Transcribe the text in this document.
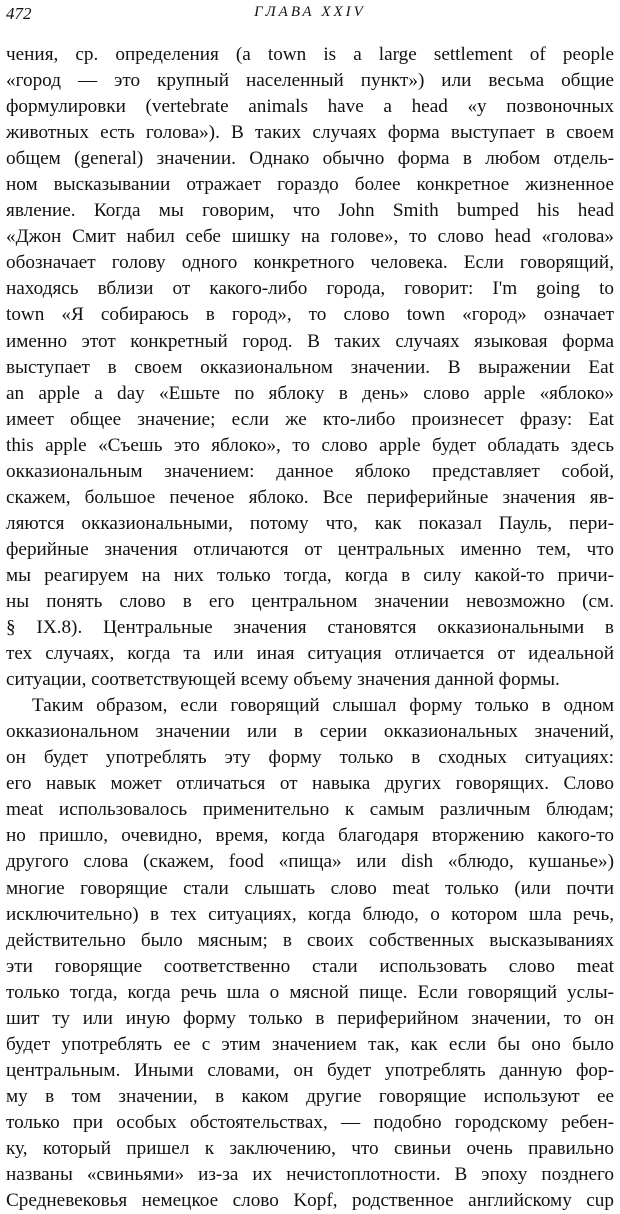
472	ГЛАВА XXIV
чения, ср. определения (a town is a large settlement of people
«город — это крупный населенный пункт») или весьма общие
формулировки (vertebrate animals have a head «у позвоночных
животных есть голова»). В таких случаях форма выступает в своем
общем (general) значении. Однако обычно форма в любом отдель-
ном высказывании отражает гораздо более конкретное жизненное
явление. Когда мы говорим, что John Smith bumped his head
«Джон Смит набил себе шишку на голове», то слово head «голова»
обозначает голову одного конкретного человека. Если говорящий,
находясь вблизи от какого-либо города, говорит: I'm going to
town «Я собираюсь в город», то слово town «город» означает
именно этот конкретный город. В таких случаях языковая форма
выступает в своем окказиональном значении. В выражении Eat
an apple a day «Ешьте по яблоку в день» слово apple «яблоко»
имеет общее значение; если же кто-либо произнесет фразу: Eat
this apple «Съешь это яблоко», то слово apple будет обладать здесь
окказиональным значением: данное яблоко представляет собой,
скажем, большое печеное яблоко. Все периферийные значения яв-
ляются окказиональными, потому что, как показал Пауль, пери-
ферийные значения отличаются от центральных именно тем, что
мы реагируем на них только тогда, когда в силу какой-то причи-
ны понять слово в его центральном значении невозможно (см.
§ IX.8). Центральные значения становятся окказиональными в
тех случаях, когда та или иная ситуация отличается от идеальной
ситуации, соответствующей всему объему значения данной формы.
Таким образом, если говорящий слышал форму только в одном
окказиональном значении или в серии окказиональных значений,
он будет употреблять эту форму только в сходных ситуациях:
его навык может отличаться от навыка других говорящих. Слово
meat использовалось применительно к самым различным блюдам;
но пришло, очевидно, время, когда благодаря вторжению какого-то
другого слова (скажем, food «пища» или dish «блюдо, кушанье»)
многие говорящие стали слышать слово meat только (или почти
исключительно) в тех ситуациях, когда блюдо, о котором шла речь,
действительно было мясным; в своих собственных высказываниях
эти говорящие соответственно стали использовать слово meat
только тогда, когда речь шла о мясной пище. Если говорящий услы-
шит ту или иную форму только в периферийном значении, то он
будет употреблять ее с этим значением так, как если бы оно было
центральным. Иными словами, он будет употреблять данную фор-
му в том значении, в каком другие говорящие используют ее
только при особых обстоятельствах, — подобно городскому ребен-
ку, который пришел к заключению, что свиньи очень правильно
названы «свиньями» из-за их нечистоплотности. В эпоху позднего
Средневековья немецкое слово Kopf, родственное английскому cup
